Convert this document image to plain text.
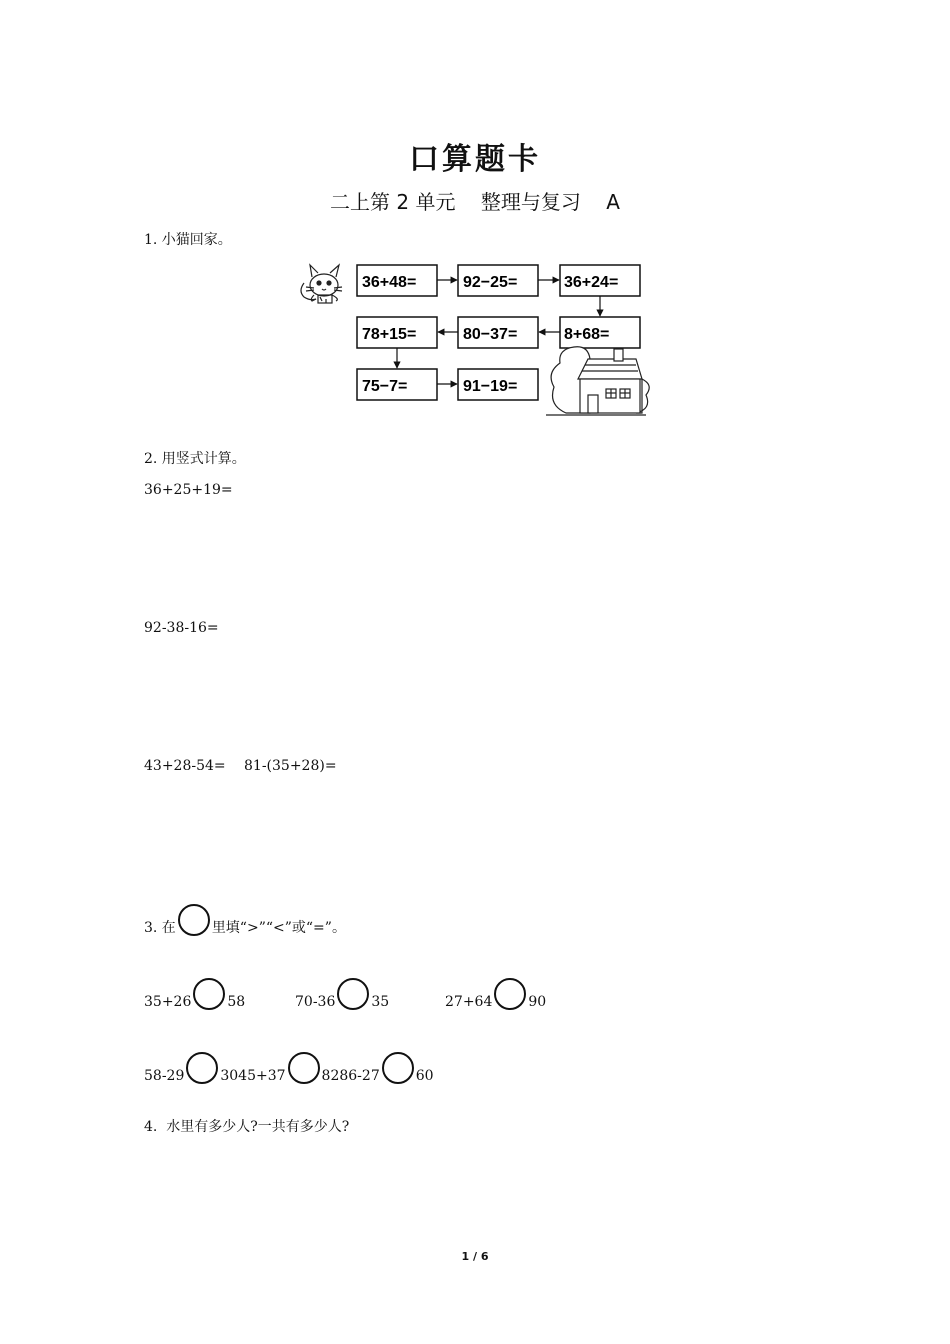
口算题卡
二上第 2 单元    整理与复习    A
1. 小猫回家。
36+48=	92−25=	36+24=
78+15=	80−37=	8+68=
75−7=	91−19=
2. 用竖式计算。
36+25+19=
92-38-16=
43+28-54= 81-(35+28)=
3. 在	里填“>”“<”或“=”。
35+26	58	70-36	35	27+64	90
58-29	3045+37	8286-27	60
4.  水里有多少人?一共有多少人?
1 / 6
